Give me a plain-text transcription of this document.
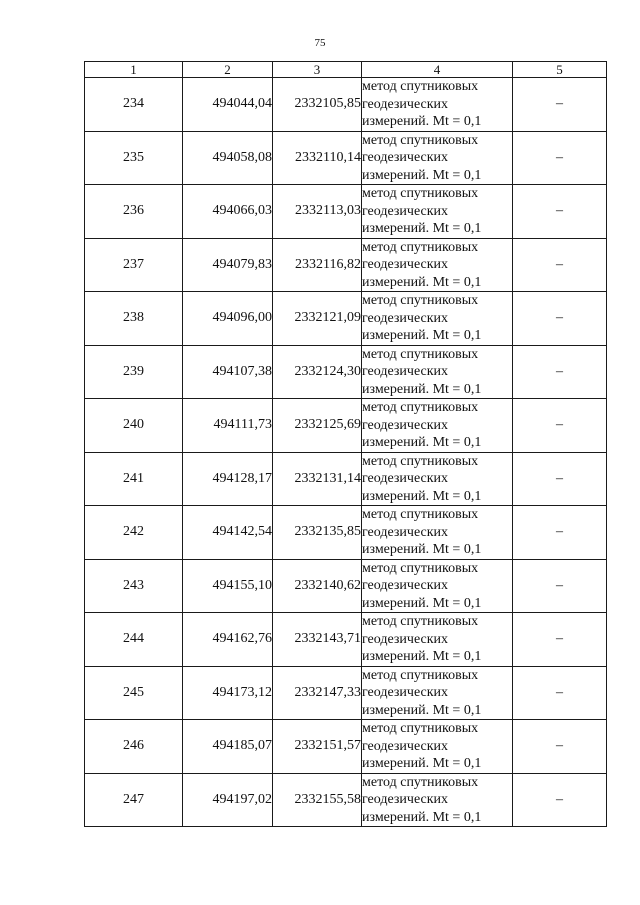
75
1	2	3	4	5
234	494044,04	2332105,85	метод спутниковых
геодезических
измерений. Mt = 0,1	–
235	494058,08	2332110,14	метод спутниковых
геодезических
измерений. Mt = 0,1	–
236	494066,03	2332113,03	метод спутниковых
геодезических
измерений. Mt = 0,1	–
237	494079,83	2332116,82	метод спутниковых
геодезических
измерений. Mt = 0,1	–
238	494096,00	2332121,09	метод спутниковых
геодезических
измерений. Mt = 0,1	–
239	494107,38	2332124,30	метод спутниковых
геодезических
измерений. Mt = 0,1	–
240	494111,73	2332125,69	метод спутниковых
геодезических
измерений. Mt = 0,1	–
241	494128,17	2332131,14	метод спутниковых
геодезических
измерений. Mt = 0,1	–
242	494142,54	2332135,85	метод спутниковых
геодезических
измерений. Mt = 0,1	–
243	494155,10	2332140,62	метод спутниковых
геодезических
измерений. Mt = 0,1	–
244	494162,76	2332143,71	метод спутниковых
геодезических
измерений. Mt = 0,1	–
245	494173,12	2332147,33	метод спутниковых
геодезических
измерений. Mt = 0,1	–
246	494185,07	2332151,57	метод спутниковых
геодезических
измерений. Mt = 0,1	–
247	494197,02	2332155,58	метод спутниковых
геодезических
измерений. Mt = 0,1	–
